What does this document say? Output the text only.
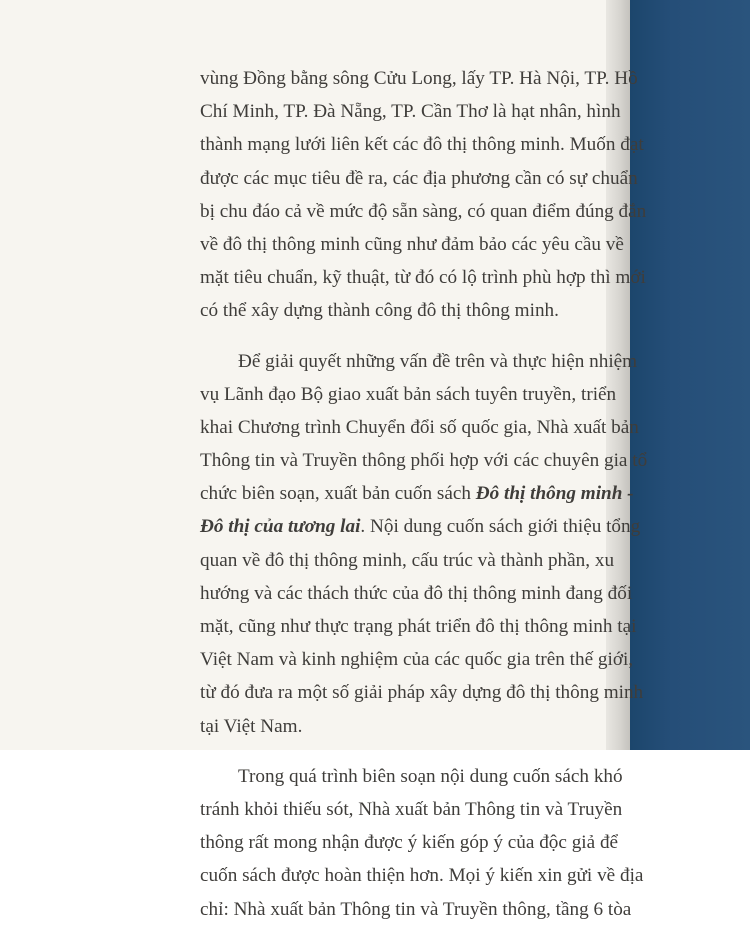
vùng Đồng bằng sông Cửu Long, lấy TP. Hà Nội, TP. Hồ
Chí Minh, TP. Đà Nẵng, TP. Cần Thơ là hạt nhân, hình
thành mạng lưới liên kết các đô thị thông minh. Muốn đạt
được các mục tiêu đề ra, các địa phương cần có sự chuẩn
bị chu đáo cả về mức độ sẵn sàng, có quan điểm đúng đắn
về đô thị thông minh cũng như đảm bảo các yêu cầu về
mặt tiêu chuẩn, kỹ thuật, từ đó có lộ trình phù hợp thì mới
có thể xây dựng thành công đô thị thông minh.
Để giải quyết những vấn đề trên và thực hiện nhiệm
vụ Lãnh đạo Bộ giao xuất bản sách tuyên truyền, triển
khai Chương trình Chuyển đổi số quốc gia, Nhà xuất bản
Thông tin và Truyền thông phối hợp với các chuyên gia tổ
chức biên soạn, xuất bản cuốn sách Đô thị thông minh -
Đô thị của tương lai. Nội dung cuốn sách giới thiệu tổng
quan về đô thị thông minh, cấu trúc và thành phần, xu
hướng và các thách thức của đô thị thông minh đang đối
mặt, cũng như thực trạng phát triển đô thị thông minh tại
Việt Nam và kinh nghiệm của các quốc gia trên thế giới,
từ đó đưa ra một số giải pháp xây dựng đô thị thông minh
tại Việt Nam.
Trong quá trình biên soạn nội dung cuốn sách khó
tránh khỏi thiếu sót, Nhà xuất bản Thông tin và Truyền
thông rất mong nhận được ý kiến góp ý của độc giả để
cuốn sách được hoàn thiện hơn. Mọi ý kiến xin gửi về địa
chỉ: Nhà xuất bản Thông tin và Truyền thông, tầng 6 tòa
